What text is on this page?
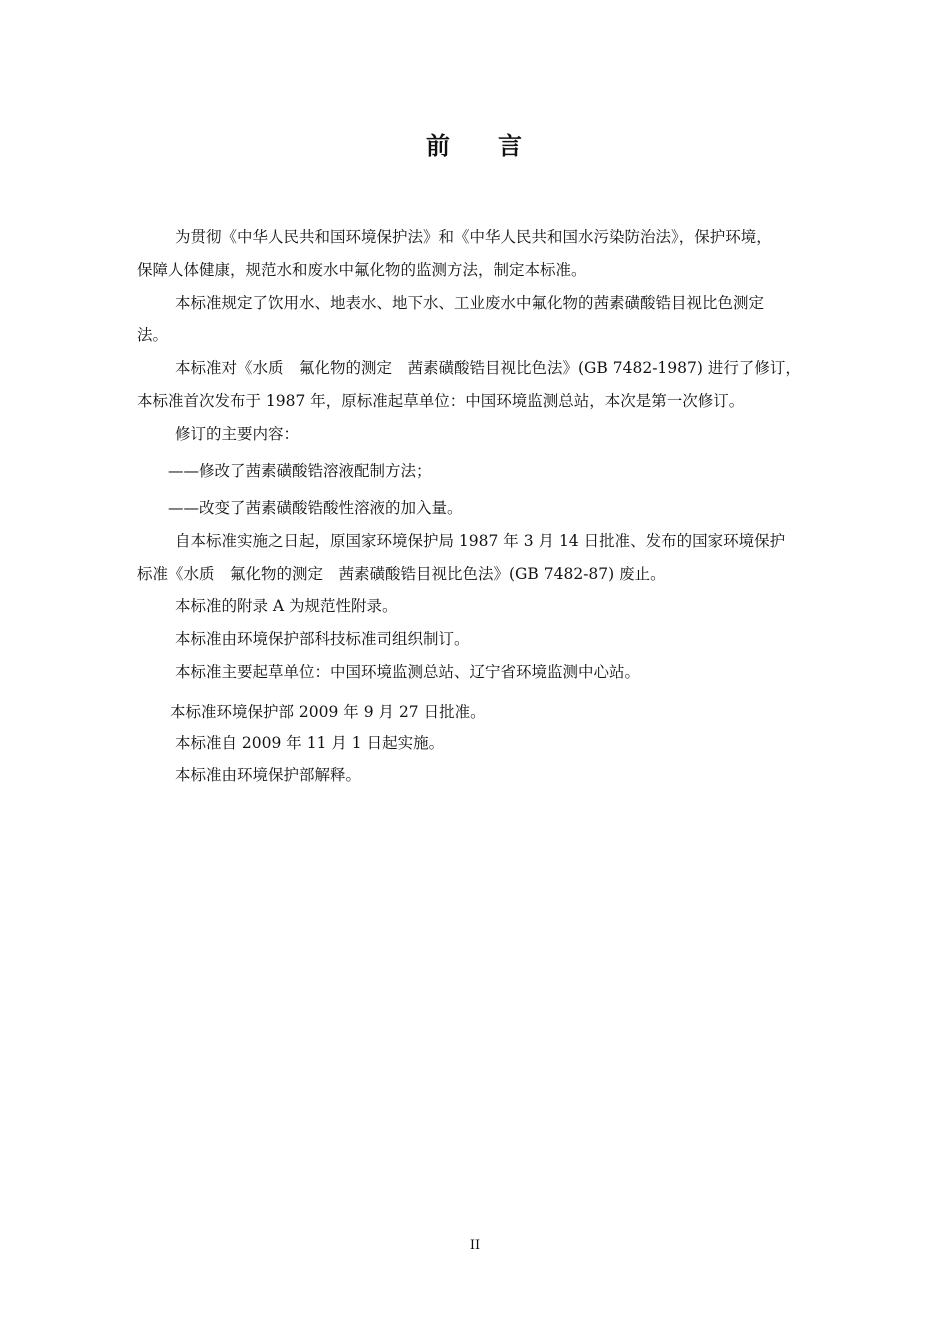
前 言
为贯彻《中华人民共和国环境保护法》和《中华人民共和国水污染防治法》，保护环境，
保障人体健康，规范水和废水中氟化物的监测方法，制定本标准。
本标准规定了饮用水、地表水、地下水、工业废水中氟化物的茜素磺酸锆目视比色测定
法。
本标准对《水质　氟化物的测定　茜素磺酸锆目视比色法》(GB 7482-1987) 进行了修订，
本标准首次发布于 1987 年，原标准起草单位：中国环境监测总站，本次是第一次修订。
修订的主要内容：
——修改了茜素磺酸锆溶液配制方法；
——改变了茜素磺酸锆酸性溶液的加入量。
自本标准实施之日起，原国家环境保护局 1987 年 3 月 14 日批准、发布的国家环境保护
标准《水质　氟化物的测定　茜素磺酸锆目视比色法》(GB 7482-87) 废止。
本标准的附录 A 为规范性附录。
本标准由环境保护部科技标准司组织制订。
本标准主要起草单位：中国环境监测总站、辽宁省环境监测中心站。
本标准环境保护部 2009 年 9 月 27 日批准。
本标准自 2009 年 11 月 1 日起实施。
本标准由环境保护部解释。
II
